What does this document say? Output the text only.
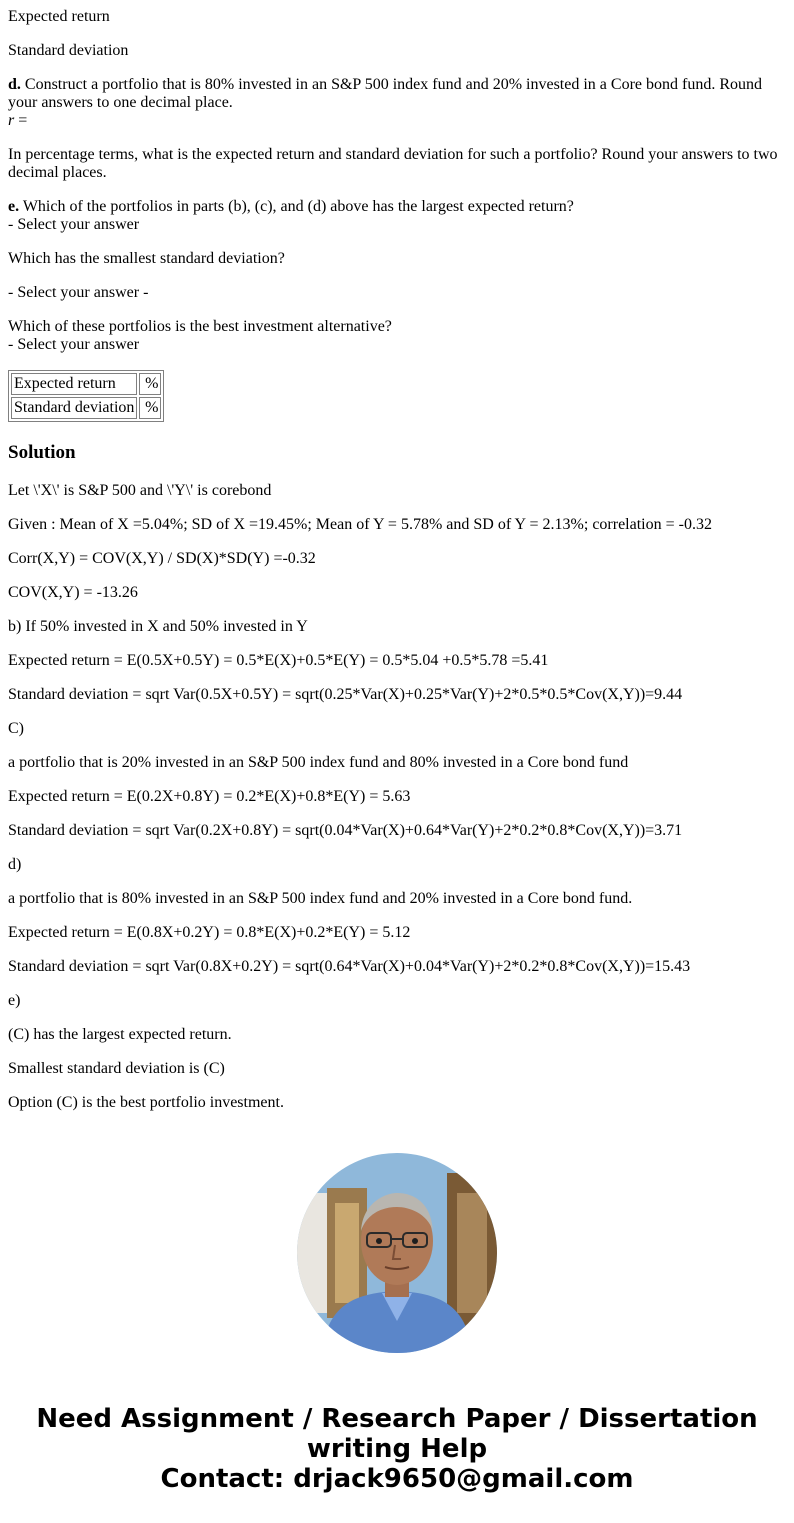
Expected return

Standard deviation

d. Construct a portfolio that is 80% invested in an S&P 500 index fund and 20% invested in a Core bond fund. Round your answers to one decimal place.
r =

In percentage terms, what is the expected return and standard deviation for such a portfolio? Round your answers to two decimal places.

e. Which of the portfolios in parts (b), (c), and (d) above has the largest expected return?
- Select your answer

Which has the smallest standard deviation?

- Select your answer -

Which of these portfolios is the best investment alternative?
- Select your answer

Expected return	%
Standard deviation	%
Solution

Let \'X\' is S&P 500 and \'Y\' is corebond

Given : Mean of X =5.04%; SD of X =19.45%; Mean of Y = 5.78% and SD of Y = 2.13%; correlation = -0.32

Corr(X,Y) = COV(X,Y) / SD(X)*SD(Y) =-0.32

COV(X,Y) = -13.26

b) If 50% invested in X and 50% invested in Y

Expected return = E(0.5X+0.5Y) = 0.5*E(X)+0.5*E(Y) = 0.5*5.04 +0.5*5.78 =5.41

Standard deviation = sqrt Var(0.5X+0.5Y) = sqrt(0.25*Var(X)+0.25*Var(Y)+2*0.5*0.5*Cov(X,Y))=9.44

C)

a portfolio that is 20% invested in an S&P 500 index fund and 80% invested in a Core bond fund

Expected return = E(0.2X+0.8Y) = 0.2*E(X)+0.8*E(Y) = 5.63

Standard deviation = sqrt Var(0.2X+0.8Y) = sqrt(0.04*Var(X)+0.64*Var(Y)+2*0.2*0.8*Cov(X,Y))=3.71

d)

a portfolio that is 80% invested in an S&P 500 index fund and 20% invested in a Core bond fund.

Expected return = E(0.8X+0.2Y) = 0.8*E(X)+0.2*E(Y) = 5.12

Standard deviation = sqrt Var(0.8X+0.2Y) = sqrt(0.64*Var(X)+0.04*Var(Y)+2*0.2*0.8*Cov(X,Y))=15.43

e)

(C) has the largest expected return.

Smallest standard deviation is (C)

Option (C) is the best portfolio investment.

Need Assignment / Research Paper / Dissertation
writing Help
Contact: drjack9650@gmail.com
